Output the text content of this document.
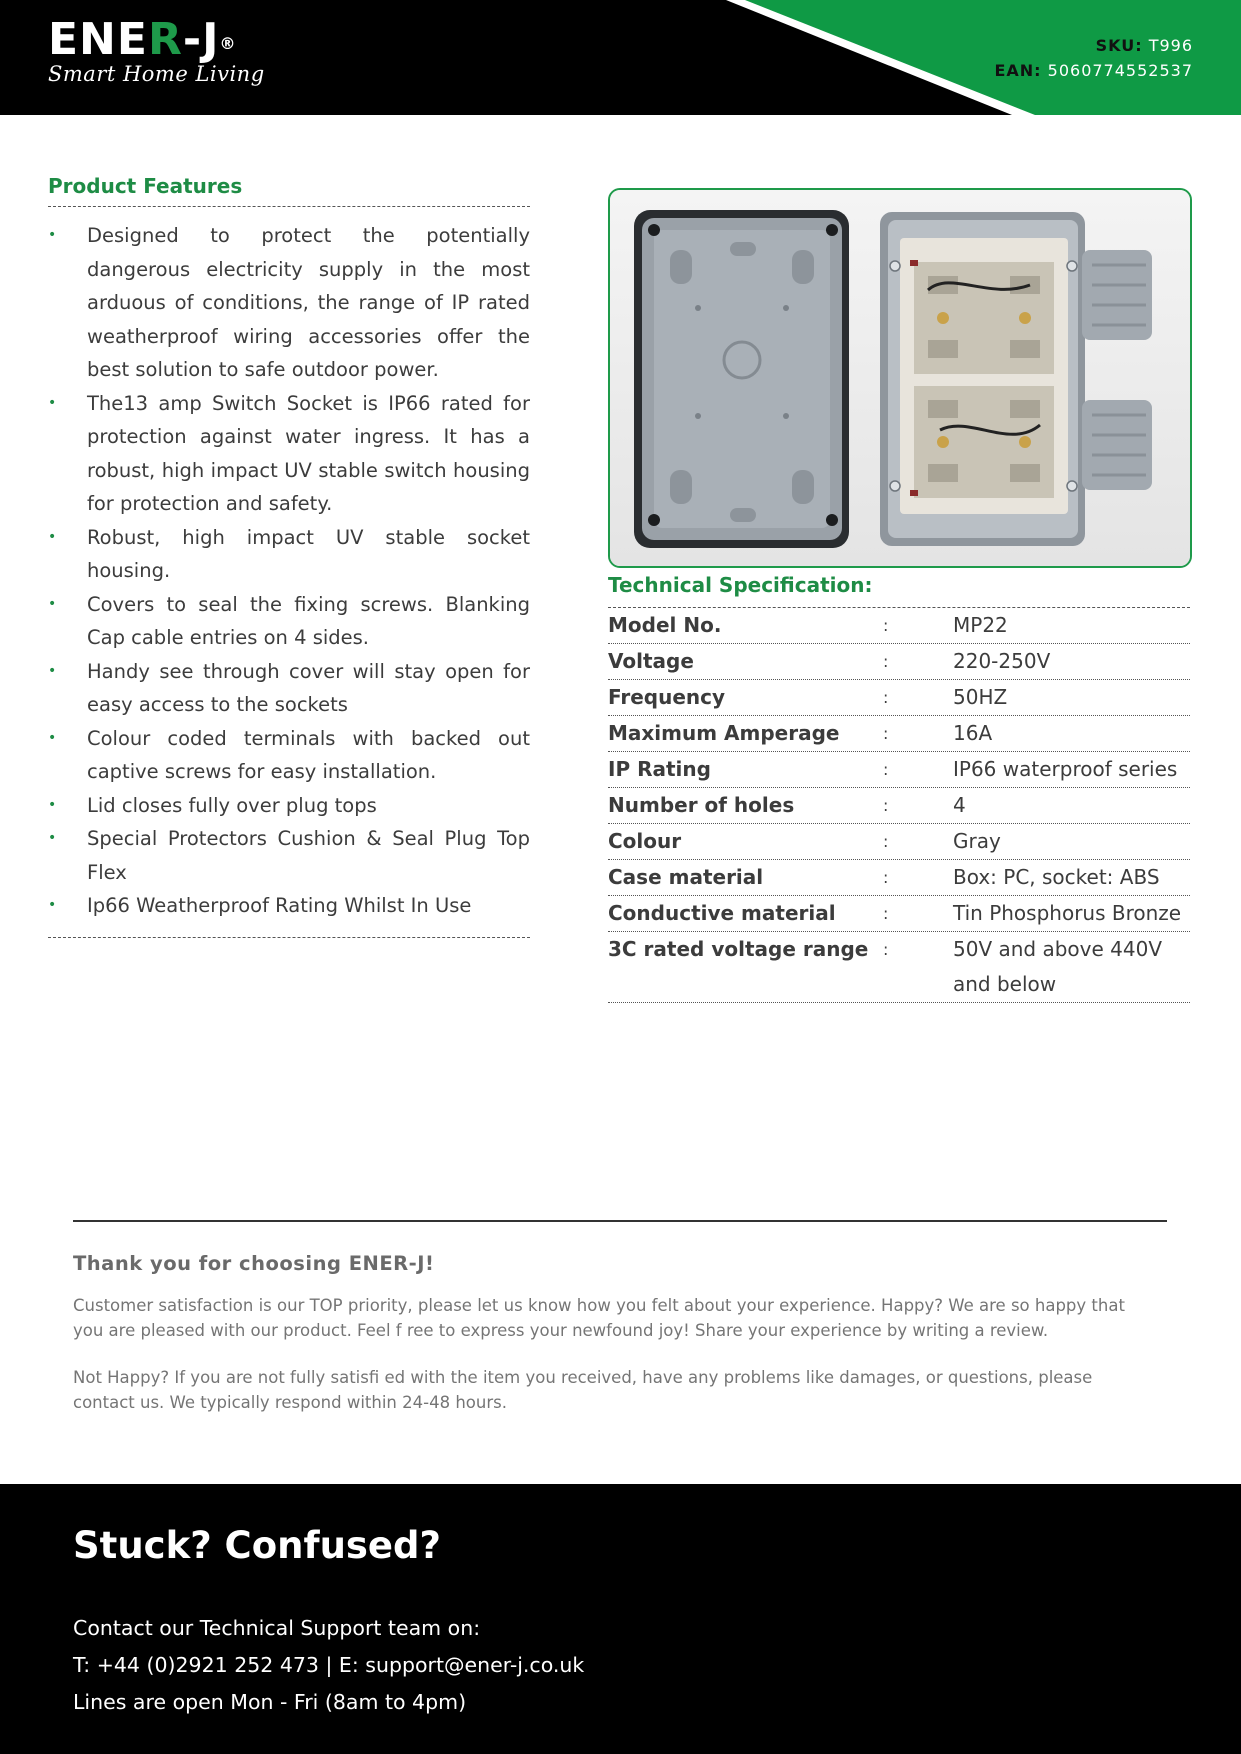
ENER-J®
Smart Home Living
SKU: T996
EAN: 5060774552537
Product Features
• Designed to protect the potentially dangerous electricity supply in the most arduous of conditions, the range of IP rated weatherproof wiring accessories offer the best solution to safe outdoor power.
• The13 amp Switch Socket is IP66 rated for protection against water ingress. It has a robust, high impact UV stable switch housing for protection and safety.
• Robust, high impact UV stable socket housing.
• Covers to seal the fixing screws. Blanking Cap cable entries on 4 sides.
• Handy see through cover will stay open for easy access to the sockets
• Colour coded terminals with backed out captive screws for easy installation.
• Lid closes fully over plug tops
• Special Protectors Cushion & Seal Plug Top Flex
• Ip66 Weatherproof Rating Whilst In Use
Technical Specification:
Model No.	:	MP22
Voltage	:	220-250V
Frequency	:	50HZ
Maximum Amperage	:	16A
IP Rating	:	IP66 waterproof series
Number of holes	:	4
Colour	:	Gray
Case material	:	Box: PC, socket: ABS
Conductive material	:	Tin Phosphorus Bronze
3C rated voltage range :	50V and above 440V
and below
Thank you for choosing ENER-J!

Customer satisfaction is our TOP priority, please let us know how you felt about your experience. Happy? We are so happy that you are pleased with our product. Feel f ree to express your newfound joy! Share your experience by writing a review.

Not Happy? If you are not fully satisfi ed with the item you received, have any problems like damages, or questions, please contact us. We typically respond within 24-48 hours.

Stuck? Confused?
Contact our Technical Support team on:
T: +44 (0)2921 252 473 | E: support@ener-j.co.uk
Lines are open Mon - Fri (8am to 4pm)
